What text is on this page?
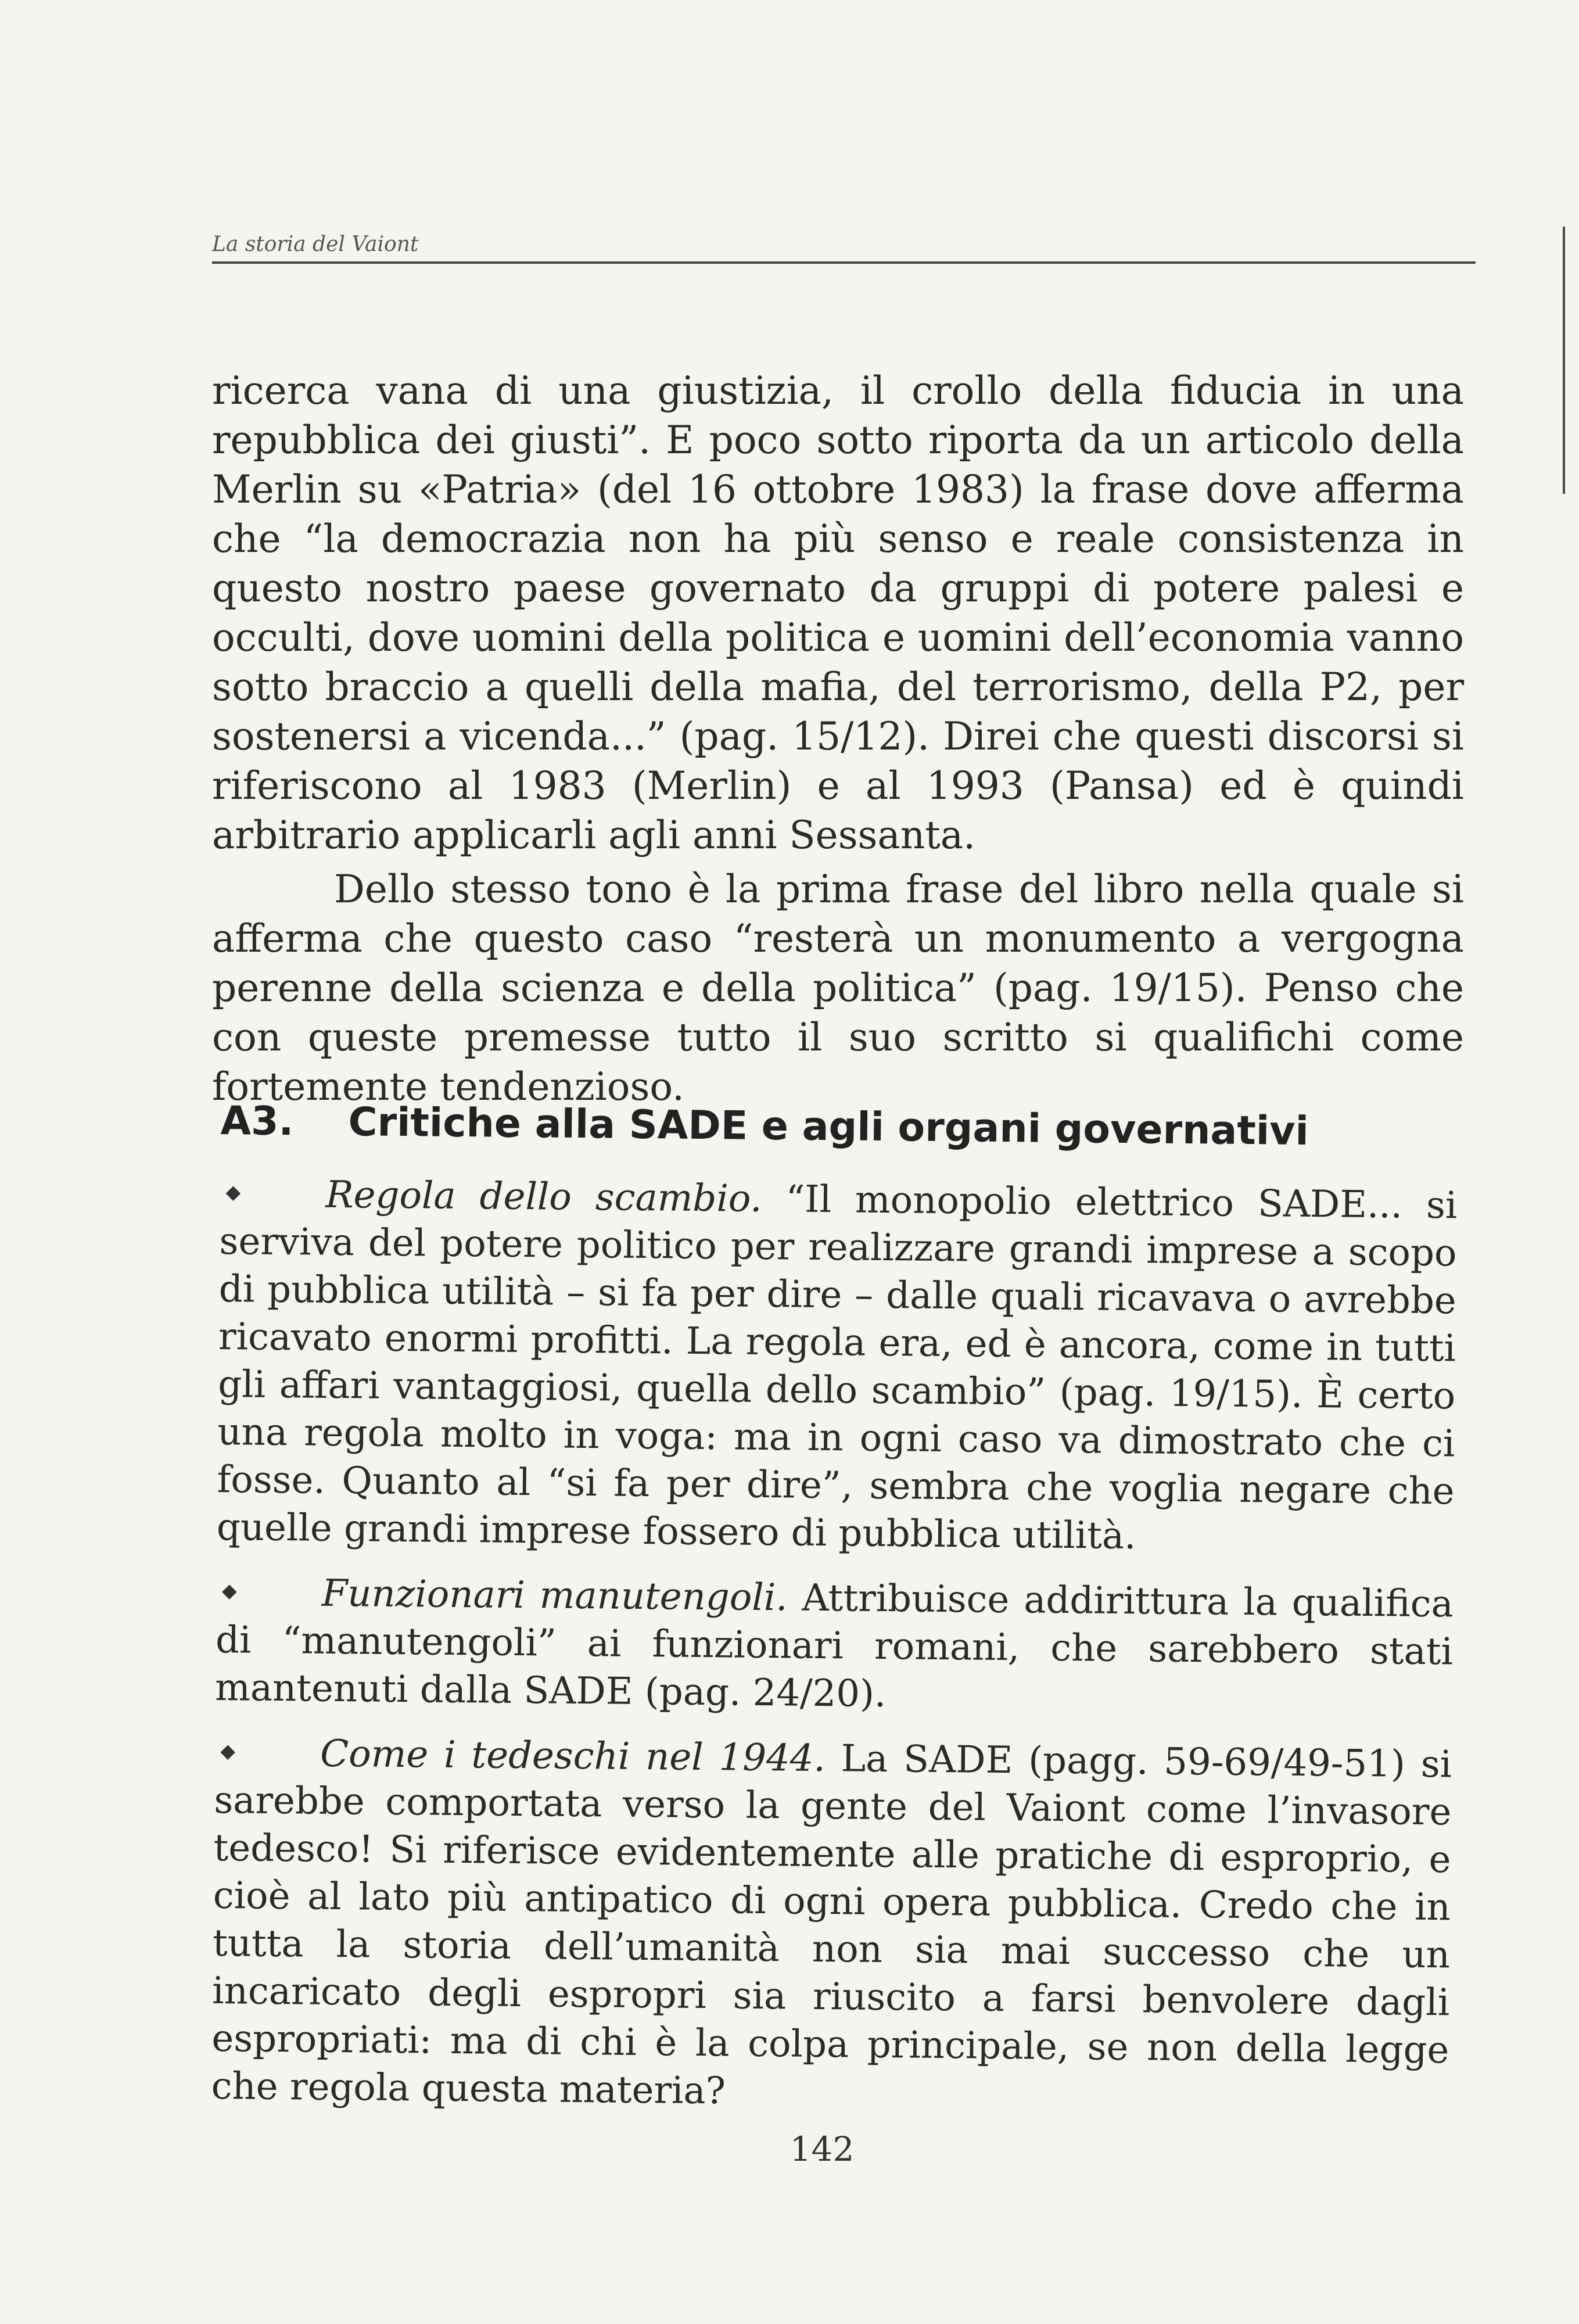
La storia del Vaiont

ricerca vana di una giustizia, il crollo della fiducia in una repubblica dei giusti”. E poco sotto riporta da un articolo della Merlin su «Patria» (del 16 ottobre 1983) la frase dove afferma che “la democrazia non ha più senso e reale consistenza in questo nostro paese governato da gruppi di potere palesi e occulti, dove uomini della politica e uomini dell’economia vanno sotto braccio a quelli della mafia, del terrorismo, della P2, per sostenersi a vicenda...” (pag. 15/12). Direi che questi discorsi si riferiscono al 1983 (Merlin) e al 1993 (Pansa) ed è quindi arbitrario applicarli agli anni Sessanta.

Dello stesso tono è la prima frase del libro nella quale si afferma che questo caso “resterà un monumento a vergogna perenne della scienza e della politica” (pag. 19/15). Penso che con queste premesse tutto il suo scritto si qualifichi come fortemente tendenzioso.

A3. Critiche alla SADE e agli organi governativi

Regola dello scambio. “Il monopolio elettrico SADE... si serviva del potere politico per realizzare grandi imprese a scopo di pubblica utilità – si fa per dire – dalle quali ricavava o avrebbe ricavato enormi profitti. La regola era, ed è ancora, come in tutti gli affari vantaggiosi, quella dello scambio” (pag. 19/15). È certo una regola molto in voga: ma in ogni caso va dimostrato che ci fosse. Quanto al “si fa per dire”, sembra che voglia negare che quelle grandi imprese fossero di pubblica utilità.

Funzionari manutengoli. Attribuisce addirittura la qualifica di “manutengoli” ai funzionari romani, che sarebbero stati mantenuti dalla SADE (pag. 24/20).

Come i tedeschi nel 1944. La SADE (pagg. 59-69/49-51) si sarebbe comportata verso la gente del Vaiont come l’invasore tedesco! Si riferisce evidentemente alle pratiche di esproprio, e cioè al lato più antipatico di ogni opera pubblica. Credo che in tutta la storia dell’umanità non sia mai successo che un incaricato degli espropri sia riuscito a farsi benvolere dagli espropriati: ma di chi è la colpa principale, se non della legge che regola questa materia?

142
